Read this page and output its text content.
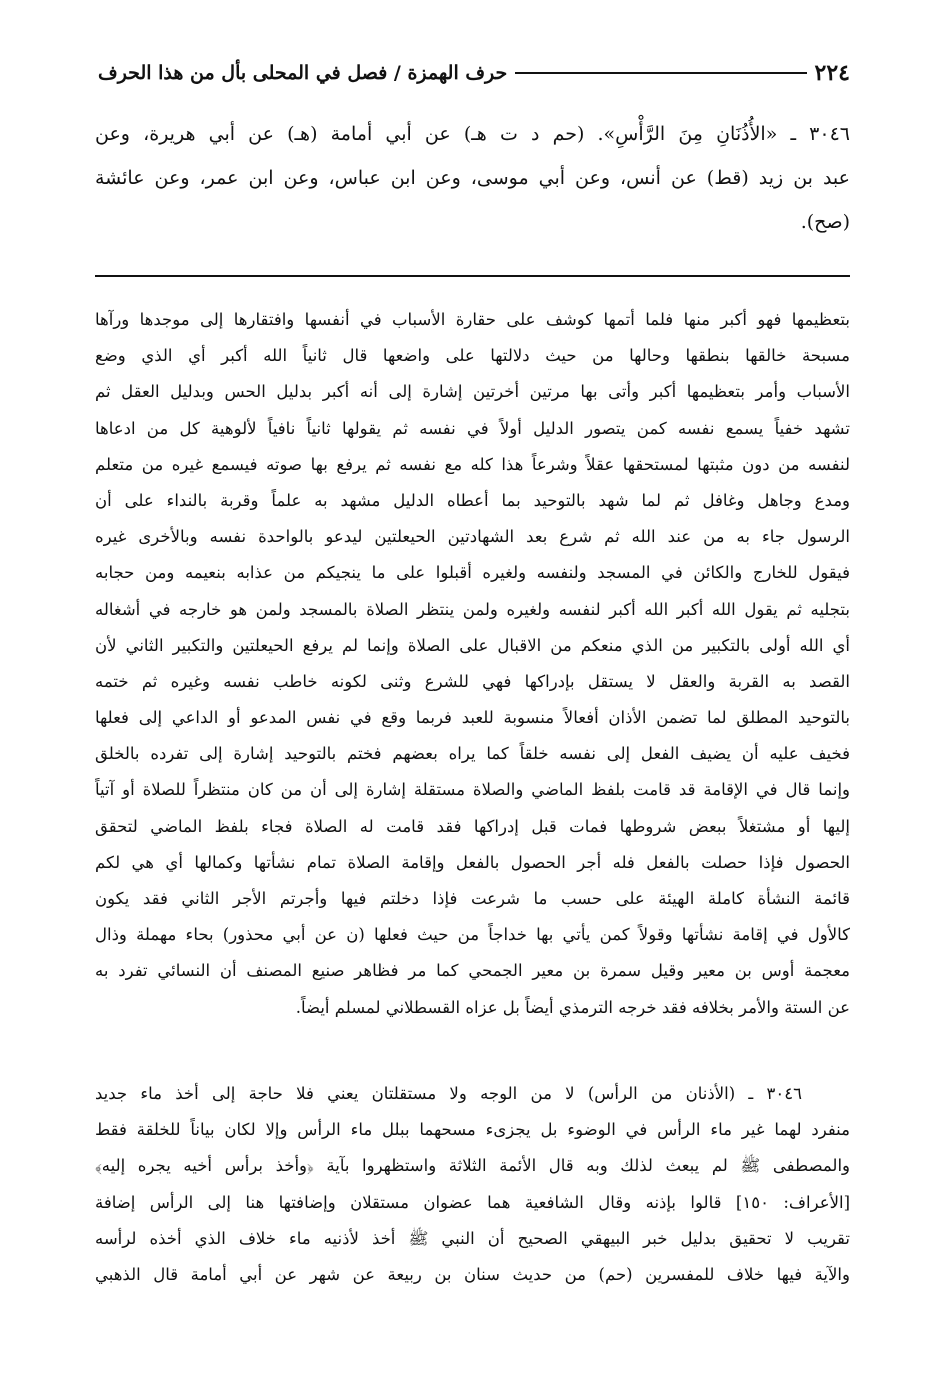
٢٢٤
حرف الهمزة / فصل في المحلى بأل من هذا الحرف
٣٠٤٦ ـ «الأُذُنَانِ مِنَ الرَّأْسِ». (حم د ت هـ) عن أبي أمامة (هـ) عن أبي هريرة، وعن
عبد بن زيد (قط) عن أنس، وعن أبي موسى، وعن ابن عباس، وعن ابن عمر، وعن عائشة
(صح).
بتعظيمها فهو أكبر منها فلما أتمها كوشف على حقارة الأسباب في أنفسها وافتقارها إلى موجدها ورآها
مسبحة خالقها بنطقها وحالها من حيث دلالتها على واضعها قال ثانياً الله أكبر أي الذي وضع
الأسباب وأمر بتعظيمها أكبر وأتى بها مرتين أخرتين إشارة إلى أنه أكبر بدليل الحس وبدليل العقل ثم
تشهد خفياً يسمع نفسه كمن يتصور الدليل أولاً في نفسه ثم يقولها ثانياً نافياً لألوهية كل من ادعاها
لنفسه من دون مثبتها لمستحقها عقلاً وشرعاً هذا كله مع نفسه ثم يرفع بها صوته فيسمع غيره من متعلم
ومدع وجاهل وغافل ثم لما شهد بالتوحيد بما أعطاه الدليل مشهد به علماً وقربة بالنداء على أن
الرسول جاء به من عند الله ثم شرع بعد الشهادتين الحيعلتين ليدعو بالواحدة نفسه وبالأخرى غيره
فيقول للخارج والكائن في المسجد ولنفسه ولغيره أقبلوا على ما ينجيكم من عذابه بنعيمه ومن حجابه
بتجليه ثم يقول الله أكبر الله أكبر لنفسه ولغيره ولمن ينتظر الصلاة بالمسجد ولمن هو خارجه في أشغاله
أي الله أولى بالتكبير من الذي منعكم من الاقبال على الصلاة وإنما لم يرفع الحيعلتين والتكبير الثاني لأن
القصد به القربة والعقل لا يستقل بإدراكها فهي للشرع وثنى لكونه خاطب نفسه وغيره ثم ختمه
بالتوحيد المطلق لما تضمن الأذان أفعالاً منسوبة للعبد فربما وقع في نفس المدعو أو الداعي إلى فعلها
فخيف عليه أن يضيف الفعل إلى نفسه خلقاً كما يراه بعضهم فختم بالتوحيد إشارة إلى تفرده بالخلق
وإنما قال في الإقامة قد قامت بلفظ الماضي والصلاة مستقلة إشارة إلى أن من كان منتظراً للصلاة أو آتياً
إليها أو مشتغلاً ببعض شروطها فمات قبل إدراكها فقد قامت له الصلاة فجاء بلفظ الماضي لتحقق
الحصول فإذا حصلت بالفعل فله أجر الحصول بالفعل وإقامة الصلاة تمام نشأتها وكمالها أي هي لكم
قائمة النشأة كاملة الهيئة على حسب ما شرعت فإذا دخلتم فيها وأجرتم الأجر الثاني فقد يكون
كالأول في إقامة نشأتها وقولاً كمن يأتي بها خداجاً من حيث فعلها (ن عن أبي محذور) بحاء مهملة وذال
معجمة أوس بن معير وقيل سمرة بن معير الجمحي كما مر فظاهر صنيع المصنف أن النسائي تفرد به
عن الستة والأمر بخلافه فقد خرجه الترمذي أيضاً بل عزاه القسطلاني لمسلم أيضاً.
٣٠٤٦ ـ (الأذنان من الرأس) لا من الوجه ولا مستقلتان يعني فلا حاجة إلى أخذ ماء جديد
منفرد لهما غير ماء الرأس في الوضوء بل يجزىء مسحهما ببلل ماء الرأس وإلا لكان بياناً للخلقة فقط
والمصطفى ﷺ لم يبعث لذلك وبه قال الأئمة الثلاثة واستظهروا بآية ﴿وأخذ برأس أخيه يجره إليه﴾
[الأعراف: ١٥٠] قالوا بإذنه وقال الشافعية هما عضوان مستقلان وإضافتها هنا إلى الرأس إضافة
تقريب لا تحقيق بدليل خبر البيهقي الصحيح أن النبي ﷺ أخذ لأذنيه ماء خلاف الذي أخذه لرأسه
والآية فيها خلاف للمفسرين (حم) من حديث سنان بن ربيعة عن شهر عن أبي أمامة قال الذهبي
